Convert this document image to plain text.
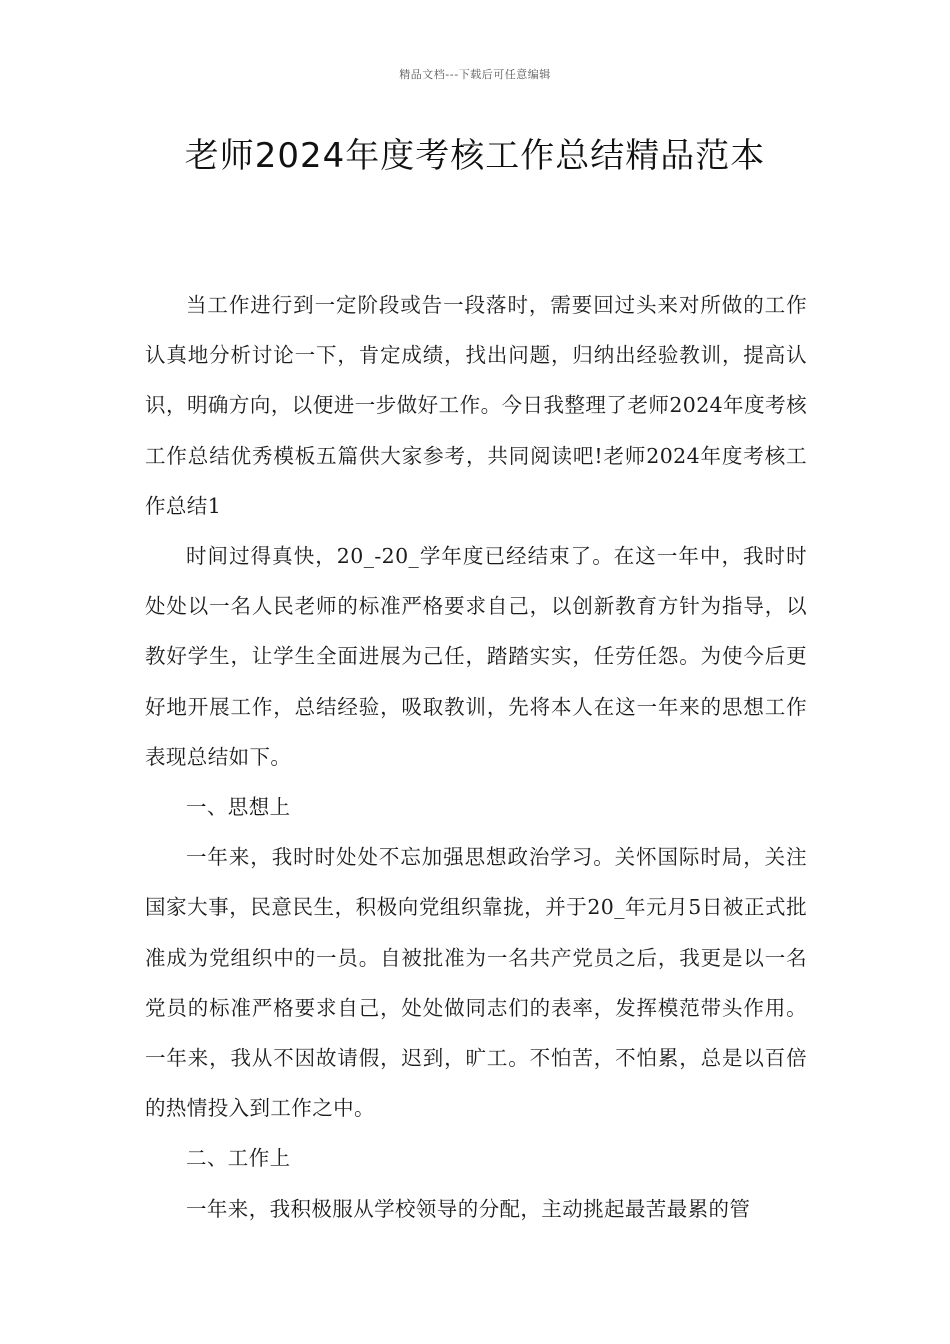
精品文档---下载后可任意编辑
老师2024年度考核工作总结精品范本

当工作进行到一定阶段或告一段落时，需要回过头来对所做的工作认真地分析讨论一下，肯定成绩，找出问题，归纳出经验教训，提高认识，明确方向，以便进一步做好工作。今日我整理了老师2024年度考核工作总结优秀模板五篇供大家参考，共同阅读吧!老师2024年度考核工作总结1

时间过得真快，20_-20_学年度已经结束了。在这一年中，我时时处处以一名人民老师的标准严格要求自己，以创新教育方针为指导，以教好学生，让学生全面进展为己任，踏踏实实，任劳任怨。为使今后更好地开展工作，总结经验，吸取教训，先将本人在这一年来的思想工作表现总结如下。

一、思想上

一年来，我时时处处不忘加强思想政治学习。关怀国际时局，关注国家大事，民意民生，积极向党组织靠拢，并于20_年元月5日被正式批准成为党组织中的一员。自被批准为一名共产党员之后，我更是以一名党员的标准严格要求自己，处处做同志们的表率，发挥模范带头作用。一年来，我从不因故请假，迟到，旷工。不怕苦，不怕累，总是以百倍的热情投入到工作之中。

二、工作上

一年来，我积极服从学校领导的分配，主动挑起最苦最累的管
